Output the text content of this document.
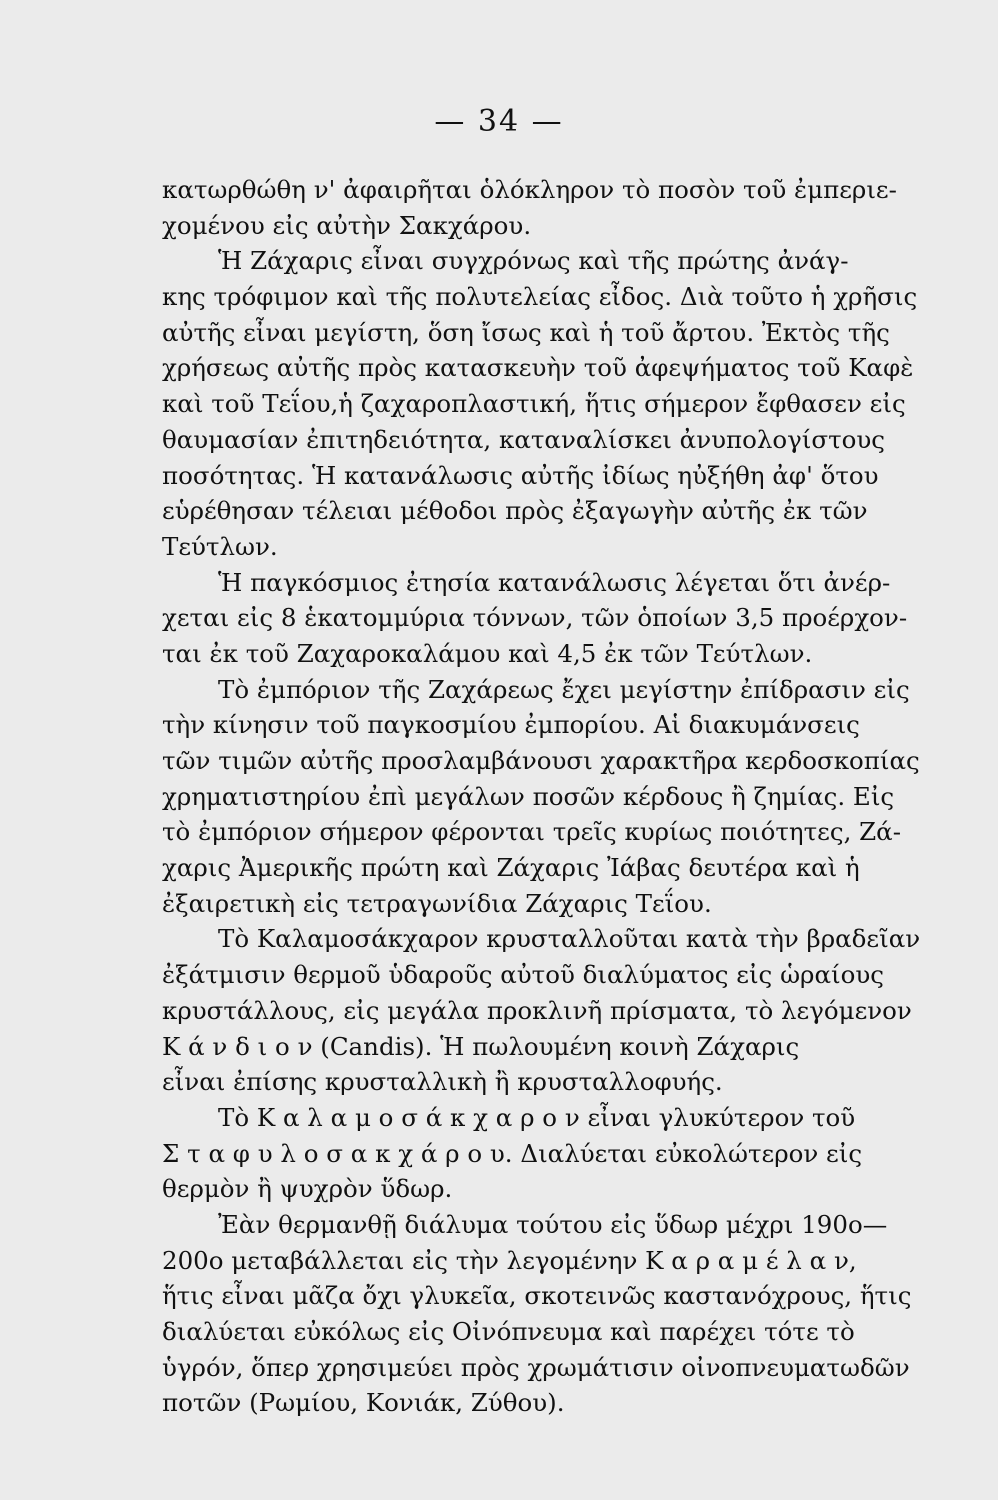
— 34 —
κατωρθώθη ν' ἀφαιρῆται ὁλόκληρον τὸ ποσὸν τοῦ ἐμπεριε-
χομένου εἰς αὐτὴν Σακχάρου.
Ἡ Ζάχαρις εἶναι συγχρόνως καὶ τῆς πρώτης ἀνάγ-
κης τρόφιμον καὶ τῆς πολυτελείας εἶδος. Διὰ τοῦτο ἡ χρῆσις
αὐτῆς εἶναι μεγίστη, ὅση ἴσως καὶ ἡ τοῦ ἄρτου. Ἐκτὸς τῆς
χρήσεως αὐτῆς πρὸς κατασκευὴν τοῦ ἀφεψήματος τοῦ Καφὲ
καὶ τοῦ Τεΐου,ἡ ζαχαροπλαστική, ἥτις σήμερον ἔφθασεν εἰς
θαυμασίαν ἐπιτηδειότητα, καταναλίσκει ἀνυπολογίστους
ποσότητας. Ἡ κατανάλωσις αὐτῆς ἰδίως ηὐξήθη ἀφ' ὅτου
εὑρέθησαν τέλειαι μέθοδοι πρὸς ἐξαγωγὴν αὐτῆς ἐκ τῶν
Τεύτλων.
Ἡ παγκόσμιος ἐτησία κατανάλωσις λέγεται ὅτι ἀνέρ-
χεται εἰς 8 ἑκατομμύρια τόννων, τῶν ὁποίων 3,5 προέρχον-
ται ἐκ τοῦ Ζαχαροκαλάμου καὶ 4,5 ἐκ τῶν Τεύτλων.
Τὸ ἐμπόριον τῆς Ζαχάρεως ἔχει μεγίστην ἐπίδρασιν εἰς
τὴν κίνησιν τοῦ παγκοσμίου ἐμπορίου. Αἱ διακυμάνσεις
τῶν τιμῶν αὐτῆς προσλαμβάνουσι χαρακτῆρα κερδοσκοπίας
χρηματιστηρίου ἐπὶ μεγάλων ποσῶν κέρδους ἢ ζημίας. Εἰς
τὸ ἐμπόριον σήμερον φέρονται τρεῖς κυρίως ποιότητες, Ζά-
χαρις Ἀμερικῆς πρώτη καὶ Ζάχαρις Ἰάβας δευτέρα καὶ ἡ
ἐξαιρετικὴ εἰς τετραγωνίδια Ζάχαρις Τεΐου.
Τὸ Καλαμοσάκχαρον κρυσταλλοῦται κατὰ τὴν βραδεῖαν
ἐξάτμισιν θερμοῦ ὑδαροῦς αὐτοῦ διαλύματος εἰς ὡραίους
κρυστάλλους, εἰς μεγάλα προκλινῆ πρίσματα, τὸ λεγόμενον
Κ ά ν δ ι ο ν (Candis). Ἡ πωλουμένη κοινὴ Ζάχαρις
εἶναι ἐπίσης κρυσταλλικὴ ἢ κρυσταλλοφυής.
Τὸ Κ α λ α μ ο σ ά κ χ α ρ ο ν εἶναι γλυκύτερον τοῦ
Σ τ α φ υ λ ο σ α κ χ ά ρ ο υ. Διαλύεται εὐκολώτερον εἰς
θερμὸν ἢ ψυχρὸν ὕδωρ.
Ἐὰν θερμανθῇ διάλυμα τούτου εἰς ὕδωρ μέχρι 190ο—
200ο μεταβάλλεται εἰς τὴν λεγομένην Κ α ρ α μ έ λ α ν,
ἥτις εἶναι μᾶζα ὄχι γλυκεῖα, σκοτεινῶς καστανόχρους, ἥτις
διαλύεται εὐκόλως εἰς Οἰνόπνευμα καὶ παρέχει τότε τὸ
ὑγρόν, ὅπερ χρησιμεύει πρὸς χρωμάτισιν οἰνοπνευματωδῶν
ποτῶν (Ρωμίου, Κονιάκ, Ζύθου).
